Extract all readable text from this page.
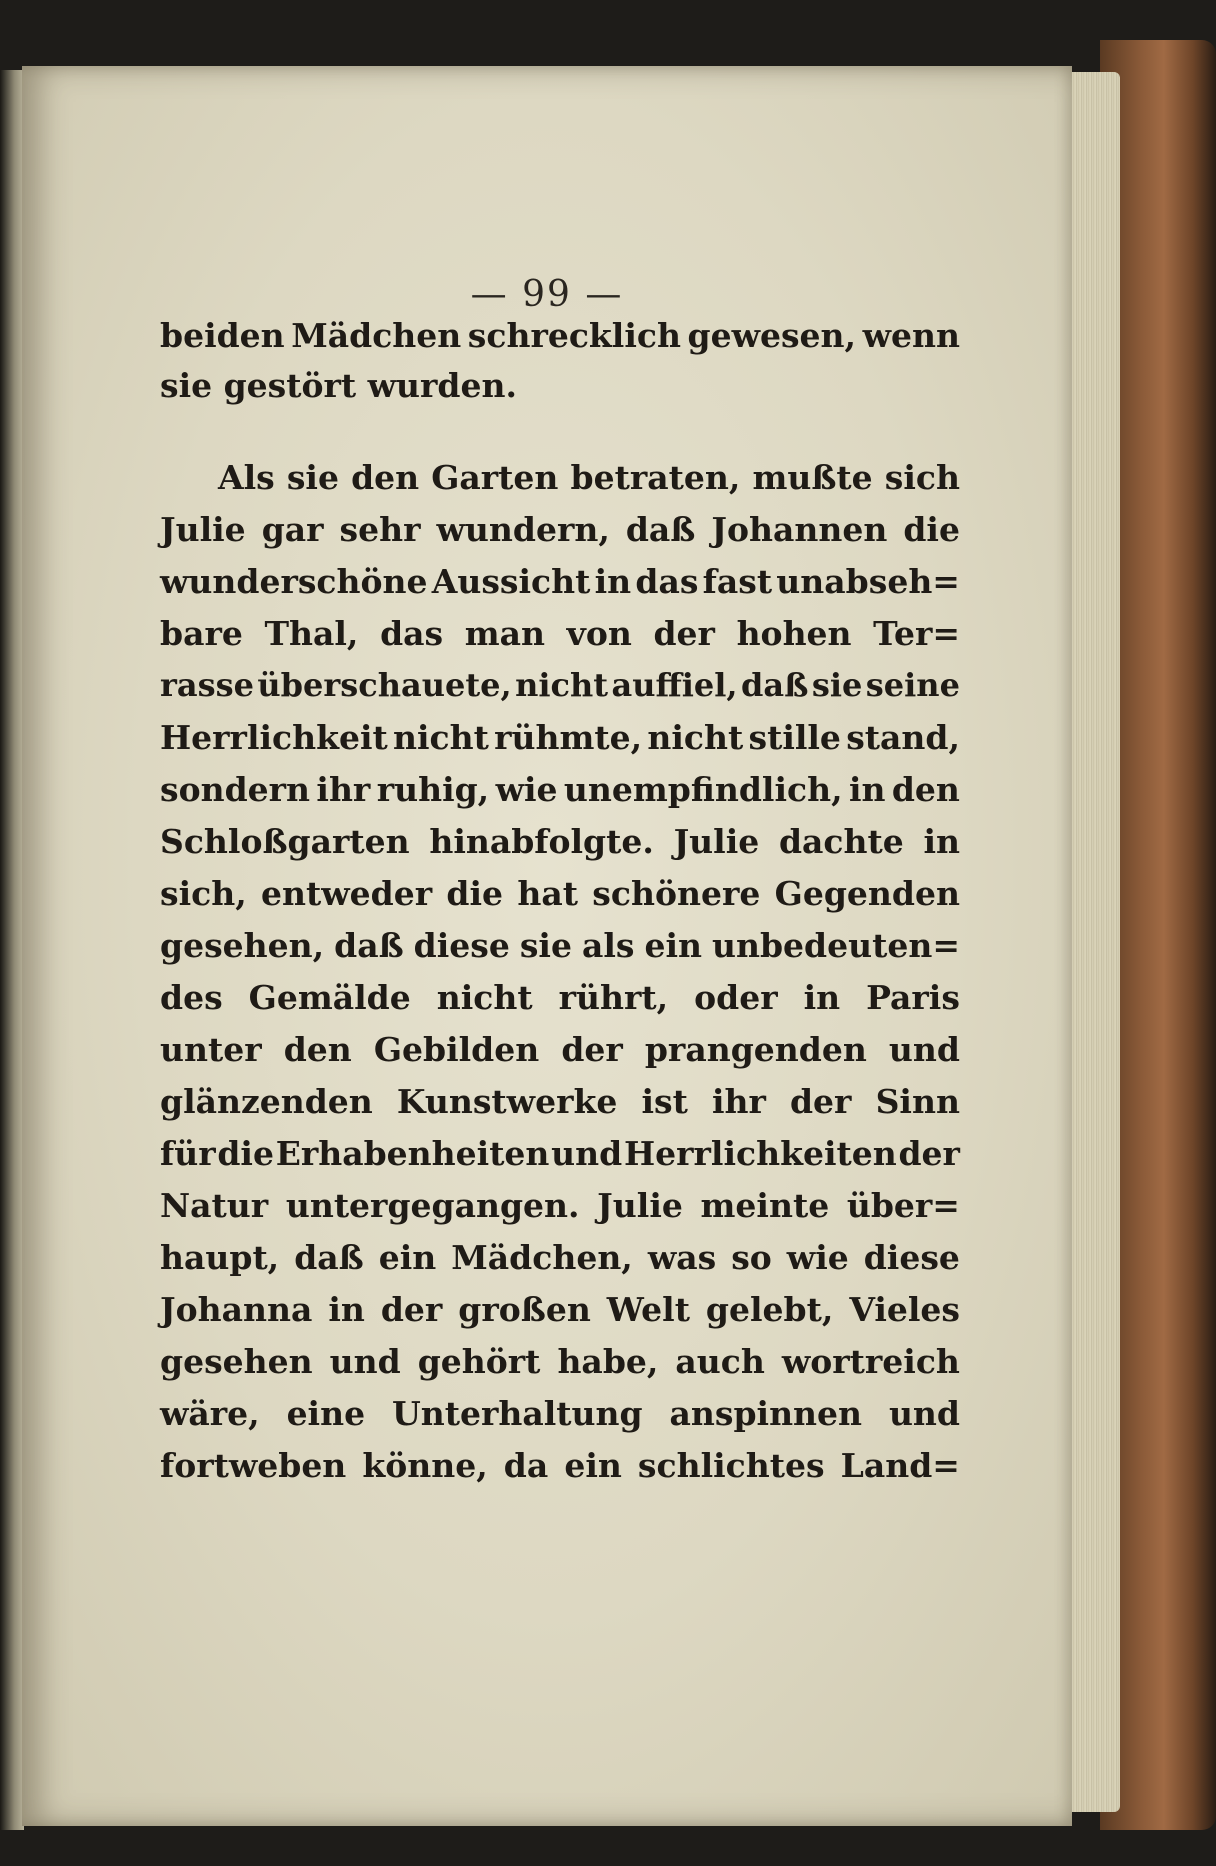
— 99 —
beiden Mädchen schrecklich gewesen, wenn
sie gestört wurden.
Als sie den Garten betraten, mußte sich
Julie gar sehr wundern, daß Johannen die
wunderschöne Aussicht in das fast unabseh=
bare Thal, das man von der hohen Ter=
rasse überschauete, nicht auffiel, daß sie seine
Herrlichkeit nicht rühmte, nicht stille stand,
sondern ihr ruhig, wie unempfindlich, in den
Schloßgarten hinabfolgte. Julie dachte in
sich, entweder die hat schönere Gegenden
gesehen, daß diese sie als ein unbedeuten=
des Gemälde nicht rührt, oder in Paris
unter den Gebilden der prangenden und
glänzenden Kunstwerke ist ihr der Sinn
für die Erhabenheiten und Herrlichkeiten der
Natur untergegangen. Julie meinte über=
haupt, daß ein Mädchen, was so wie diese
Johanna in der großen Welt gelebt, Vieles
gesehen und gehört habe, auch wortreich
wäre, eine Unterhaltung anspinnen und
fortweben könne, da ein schlichtes Land=
